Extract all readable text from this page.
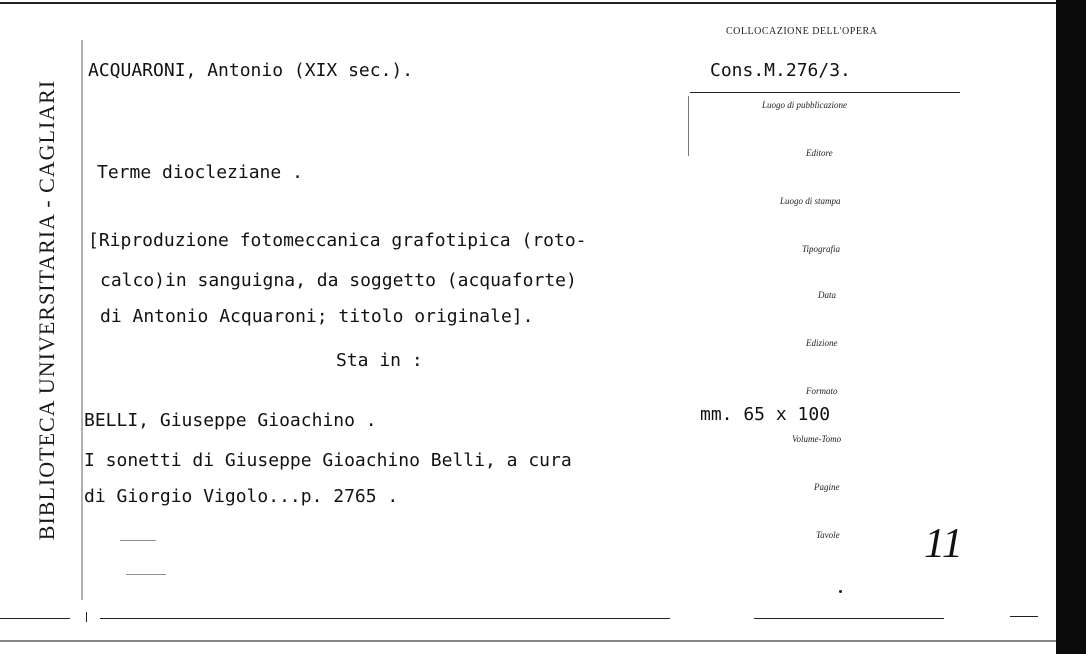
BIBLIOTECA UNIVERSITARIA - CAGLIARI
COLLOCAZIONE DELL'OPERA
ACQUARONI, Antonio (XIX sec.).	Cons.M.276/3.
Terme diocleziane .
[Riproduzione fotomeccanica grafotipica (roto-
calco)in sanguigna, da soggetto (acquaforte)
di Antonio Acquaroni; titolo originale].
Sta in :
BELLI, Giuseppe Gioachino .	mm. 65 x 100
I sonetti di Giuseppe Gioachino Belli, a cura
di Giorgio Vigolo...p. 2765 .
Luogo di pubblicazione
Editore
Luogo di stampa
Tipografia
Data
Edizione
Formato
Volume-Tomo
Pagine
Tavole 11
